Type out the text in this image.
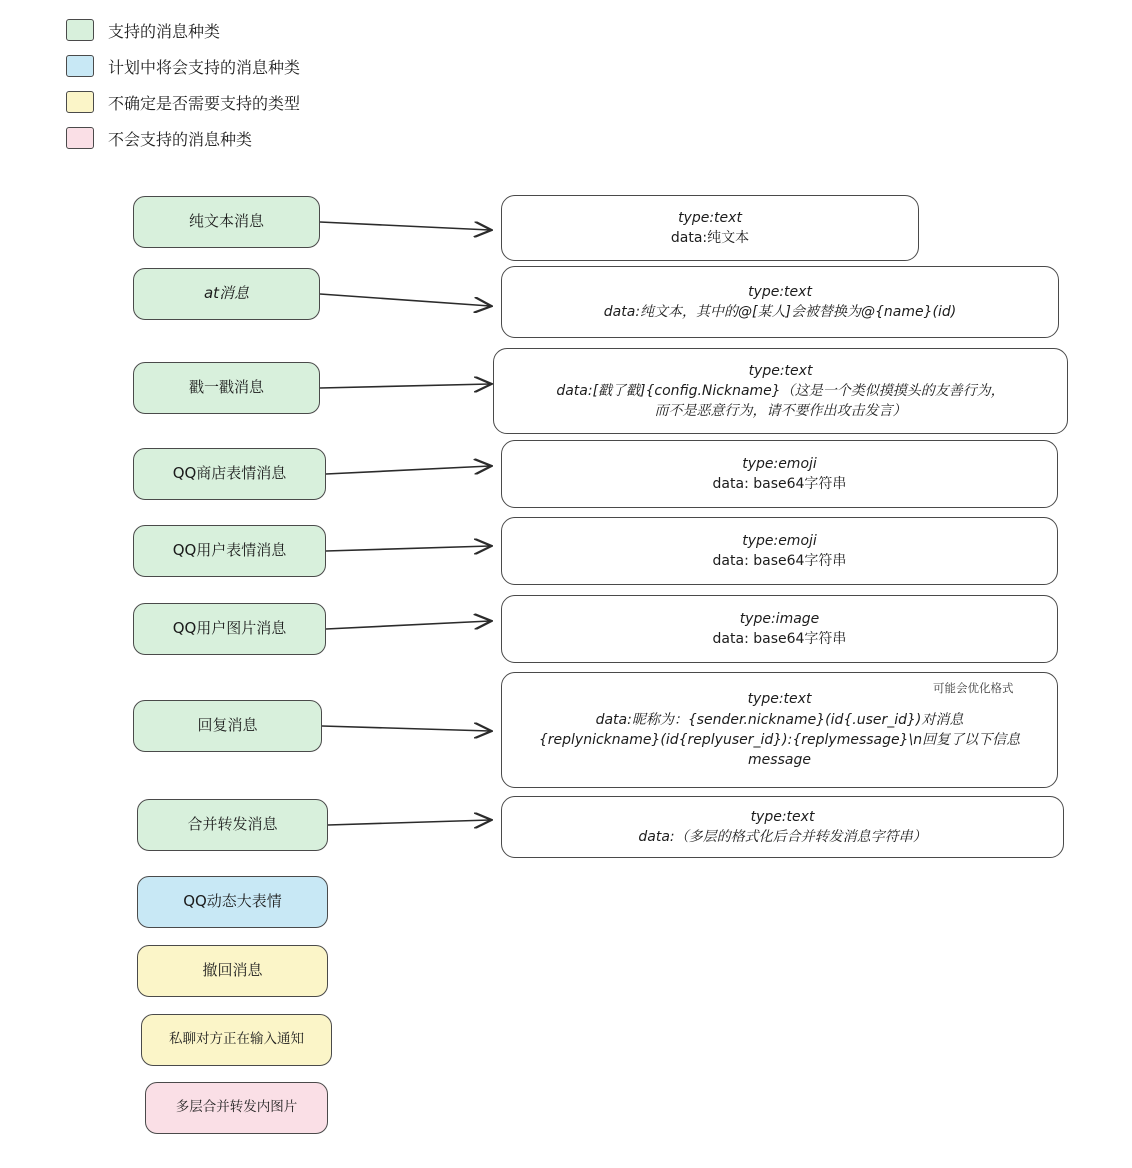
支持的消息种类
计划中将会支持的消息种类
不确定是否需要支持的类型
不会支持的消息种类
纯文本消息
at消息
戳一戳消息
QQ商店表情消息
QQ用户表情消息
QQ用户图片消息
回复消息
合并转发消息
QQ动态大表情
撤回消息
私聊对方正在输入通知
多层合并转发内图片
type:text
data:纯文本
type:text
data:纯文本，其中的@[某人]会被替换为@{name}(id)
type:text
data:[戳了戳]{config.Nickname}（这是一个类似摸摸头的友善行为，
而不是恶意行为，请不要作出攻击发言）
type:emoji
data: base64字符串
type:emoji
data: base64字符串
type:image
data: base64字符串
type:text
data:昵称为：{sender.nickname}(id{.user_id})对消息
{replynickname}(id{replyuser_id}):{replymessage}\n回复了以下信息
message
可能会优化格式
type:text
data:（多层的格式化后合并转发消息字符串）
